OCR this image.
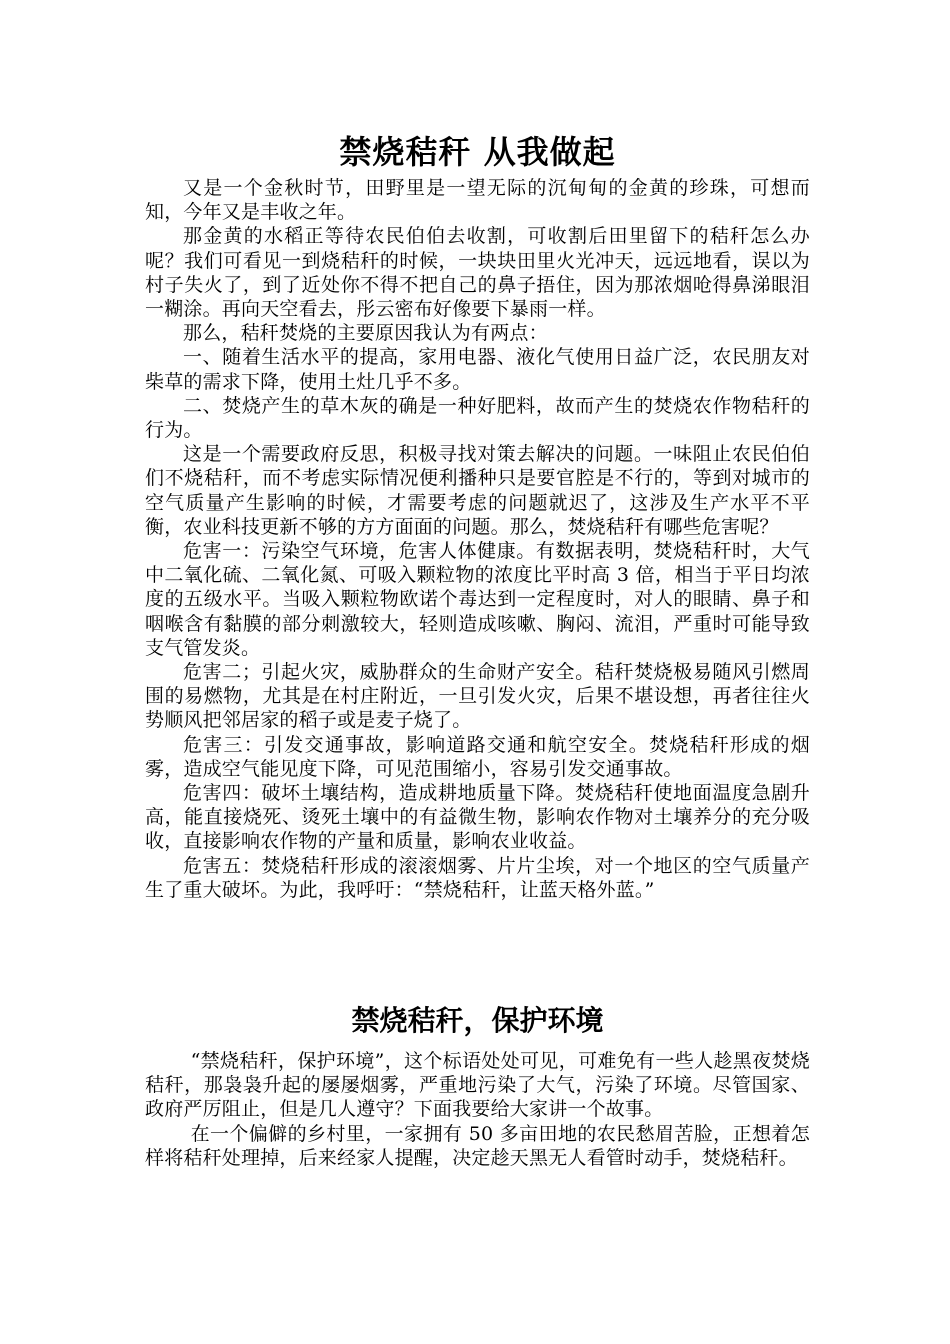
禁烧秸秆 从我做起

又是一个金秋时节，田野里是一望无际的沉甸甸的金黄的珍珠，可想而知，今年又是丰收之年。

那金黄的水稻正等待农民伯伯去收割，可收割后田里留下的秸秆怎么办呢？我们可看见一到烧秸秆的时候，一块块田里火光冲天，远远地看，误以为村子失火了，到了近处你不得不把自己的鼻子捂住，因为那浓烟呛得鼻涕眼泪一糊涂。再向天空看去，彤云密布好像要下暴雨一样。

那么，秸秆焚烧的主要原因我认为有两点：

一、随着生活水平的提高，家用电器、液化气使用日益广泛，农民朋友对柴草的需求下降，使用土灶几乎不多。

二、焚烧产生的草木灰的确是一种好肥料，故而产生的焚烧农作物秸秆的行为。

这是一个需要政府反思，积极寻找对策去解决的问题。一味阻止农民伯伯们不烧秸秆，而不考虑实际情况便利播种只是要官腔是不行的，等到对城市的空气质量产生影响的时候，才需要考虑的问题就迟了，这涉及生产水平不平衡，农业科技更新不够的方方面面的问题。那么，焚烧秸秆有哪些危害呢？

危害一：污染空气环境，危害人体健康。有数据表明，焚烧秸秆时，大气中二氧化硫、二氧化氮、可吸入颗粒物的浓度比平时高 3 倍，相当于平日均浓度的五级水平。当吸入颗粒物欧诺个毒达到一定程度时，对人的眼睛、鼻子和咽喉含有黏膜的部分刺激较大，轻则造成咳嗽、胸闷、流泪，严重时可能导致支气管发炎。

危害二；引起火灾，威胁群众的生命财产安全。秸秆焚烧极易随风引燃周围的易燃物，尤其是在村庄附近，一旦引发火灾，后果不堪设想，再者往往火势顺风把邻居家的稻子或是麦子烧了。

危害三：引发交通事故，影响道路交通和航空安全。焚烧秸秆形成的烟雾，造成空气能见度下降，可见范围缩小，容易引发交通事故。

危害四：破坏土壤结构，造成耕地质量下降。焚烧秸秆使地面温度急剧升高，能直接烧死、烫死土壤中的有益微生物，影响农作物对土壤养分的充分吸收，直接影响农作物的产量和质量，影响农业收益。

危害五：焚烧秸秆形成的滚滚烟雾、片片尘埃，对一个地区的空气质量产生了重大破坏。为此，我呼吁：“禁烧秸秆，让蓝天格外蓝。”

禁烧秸秆，保护环境

“禁烧秸秆，保护环境”，这个标语处处可见，可难免有一些人趁黑夜焚烧秸秆，那袅袅升起的屡屡烟雾，严重地污染了大气，污染了环境。尽管国家、政府严厉阻止，但是几人遵守？下面我要给大家讲一个故事。

在一个偏僻的乡村里，一家拥有 50 多亩田地的农民愁眉苦脸，正想着怎样将秸秆处理掉，后来经家人提醒，决定趁天黑无人看管时动手，焚烧秸秆。
